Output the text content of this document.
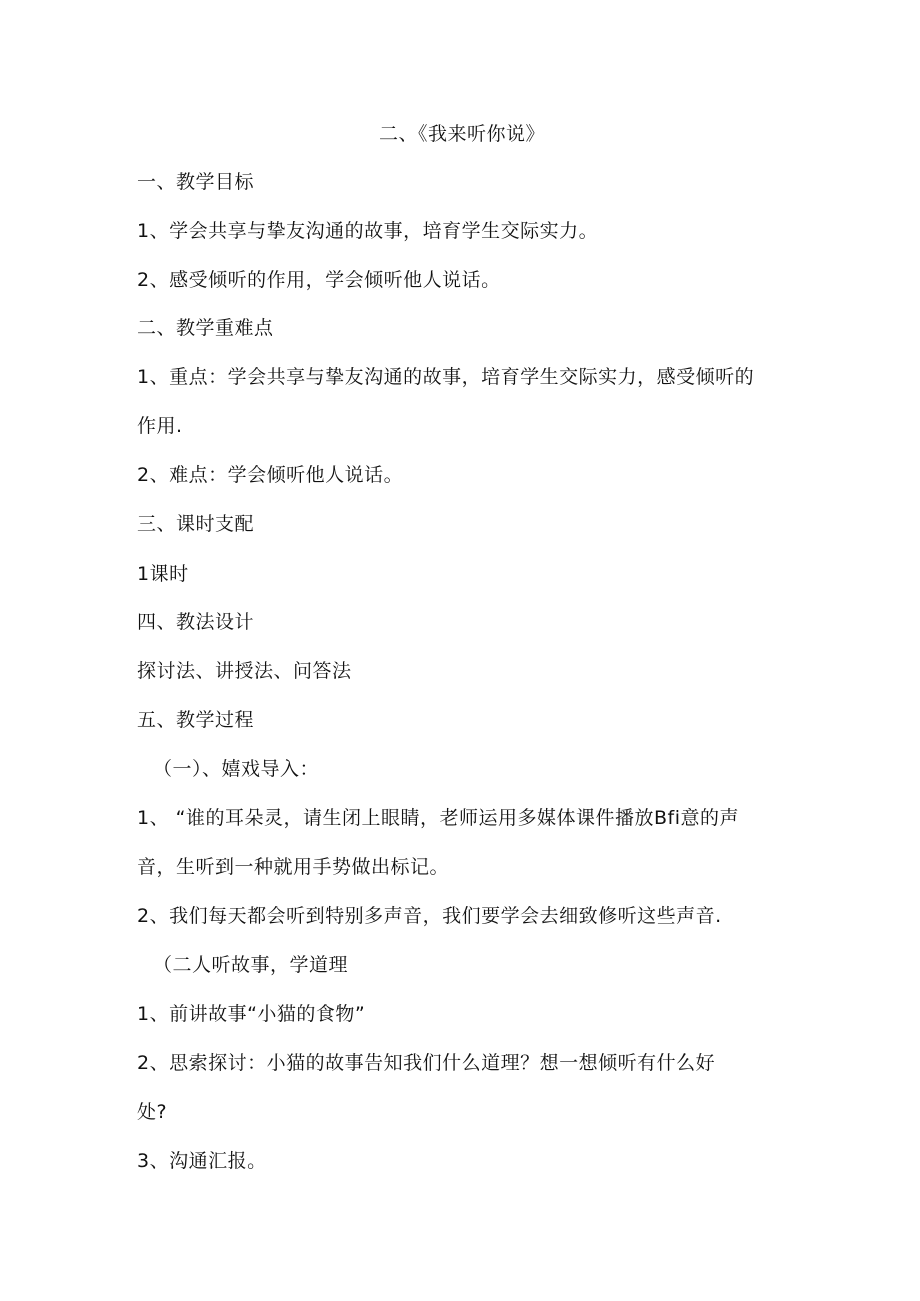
二、《我来听你说》
一、教学目标
1、学会共享与挚友沟通的故事，培育学生交际实力。
2、感受倾听的作用，学会倾听他人说话。
二、教学重难点
1、重点：学会共享与挚友沟通的故事，培育学生交际实力，感受倾听的
作用.
2、难点：学会倾听他人说话。
三、课时支配
1课时
四、教法设计
探讨法、讲授法、问答法
五、教学过程
（一）、嬉戏导入：
1、 “谁的耳朵灵，请生闭上眼睛，老师运用多媒体课件播放Bfi意的声
音，生听到一种就用手势做出标记。
2、我们每天都会听到特别多声音，我们要学会去细致修听这些声音.
（二人听故事，学道理
1、前讲故事“小猫的食物”
2、思索探讨：小猫的故事告知我们什么道理？想一想倾听有什么好
处?
3、沟通汇报。
